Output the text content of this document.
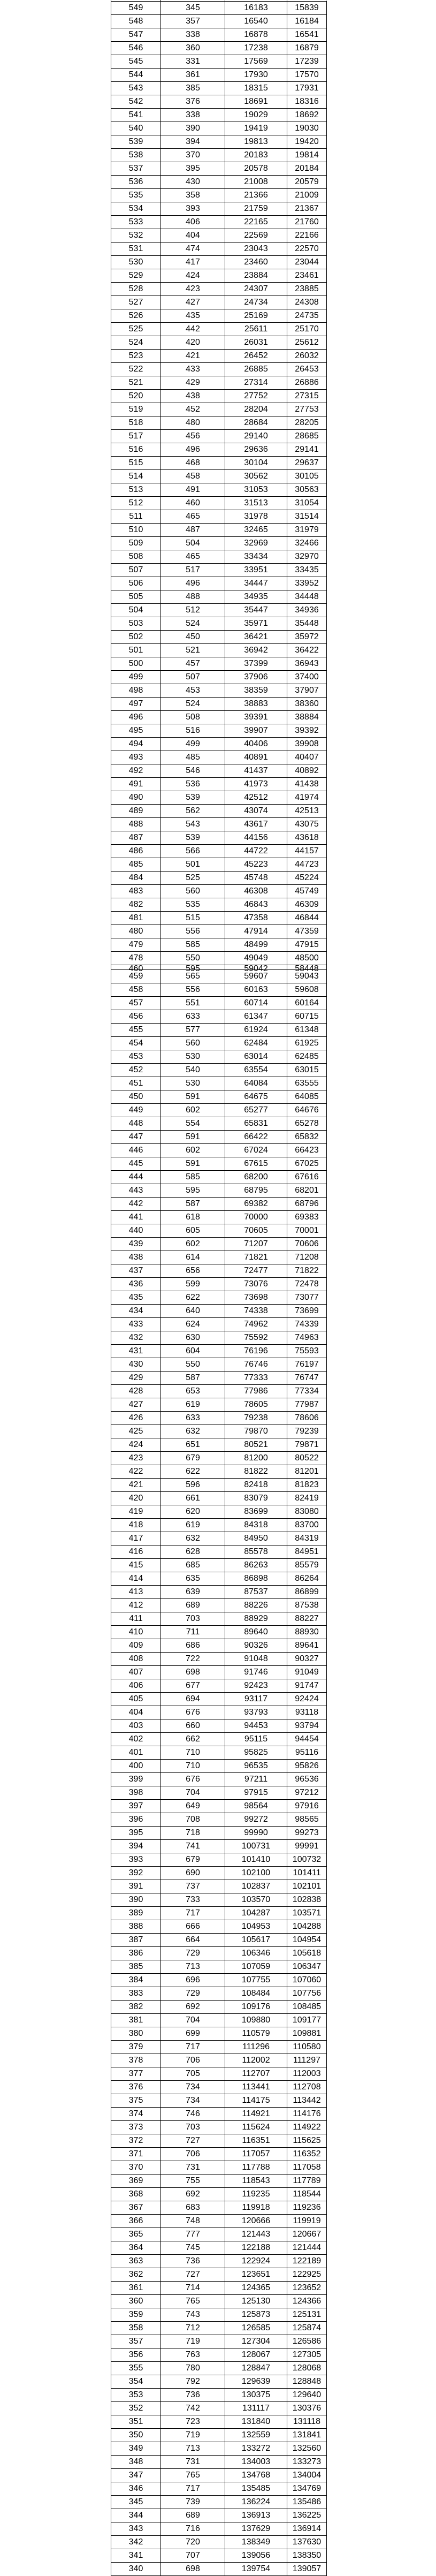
549	345	16183	15839
548	357	16540	16184
547	338	16878	16541
546	360	17238	16879
545	331	17569	17239
544	361	17930	17570
543	385	18315	17931
542	376	18691	18316
541	338	19029	18692
540	390	19419	19030
539	394	19813	19420
538	370	20183	19814
537	395	20578	20184
536	430	21008	20579
535	358	21366	21009
534	393	21759	21367
533	406	22165	21760
532	404	22569	22166
531	474	23043	22570
530	417	23460	23044
529	424	23884	23461
528	423	24307	23885
527	427	24734	24308
526	435	25169	24735
525	442	25611	25170
524	420	26031	25612
523	421	26452	26032
522	433	26885	26453
521	429	27314	26886
520	438	27752	27315
519	452	28204	27753
518	480	28684	28205
517	456	29140	28685
516	496	29636	29141
515	468	30104	29637
514	458	30562	30105
513	491	31053	30563
512	460	31513	31054
511	465	31978	31514
510	487	32465	31979
509	504	32969	32466
508	465	33434	32970
507	517	33951	33435
506	496	34447	33952
505	488	34935	34448
504	512	35447	34936
503	524	35971	35448
502	450	36421	35972
501	521	36942	36422
500	457	37399	36943
499	507	37906	37400
498	453	38359	37907
497	524	38883	38360
496	508	39391	38884
495	516	39907	39392
494	499	40406	39908
493	485	40891	40407
492	546	41437	40892
491	536	41973	41438
490	539	42512	41974
489	562	43074	42513
488	543	43617	43075
487	539	44156	43618
486	566	44722	44157
485	501	45223	44723
484	525	45748	45224
483	560	46308	45749
482	535	46843	46309
481	515	47358	46844
480	556	47914	47359
479	585	48499	47915
478	550	49049	48500

460	595	59042	58448

459	565	59607	59043
458	556	60163	59608
457	551	60714	60164
456	633	61347	60715
455	577	61924	61348
454	560	62484	61925
453	530	63014	62485
452	540	63554	63015
451	530	64084	63555
450	591	64675	64085
449	602	65277	64676
448	554	65831	65278
447	591	66422	65832
446	602	67024	66423
445	591	67615	67025
444	585	68200	67616
443	595	68795	68201
442	587	69382	68796
441	618	70000	69383
440	605	70605	70001
439	602	71207	70606
438	614	71821	71208
437	656	72477	71822
436	599	73076	72478
435	622	73698	73077
434	640	74338	73699
433	624	74962	74339
432	630	75592	74963
431	604	76196	75593
430	550	76746	76197
429	587	77333	76747
428	653	77986	77334
427	619	78605	77987
426	633	79238	78606
425	632	79870	79239
424	651	80521	79871
423	679	81200	80522
422	622	81822	81201
421	596	82418	81823
420	661	83079	82419
419	620	83699	83080
418	619	84318	83700
417	632	84950	84319
416	628	85578	84951
415	685	86263	85579
414	635	86898	86264
413	639	87537	86899
412	689	88226	87538
411	703	88929	88227
410	711	89640	88930
409	686	90326	89641
408	722	91048	90327
407	698	91746	91049
406	677	92423	91747
405	694	93117	92424
404	676	93793	93118
403	660	94453	93794
402	662	95115	94454
401	710	95825	95116
400	710	96535	95826
399	676	97211	96536
398	704	97915	97212
397	649	98564	97916
396	708	99272	98565
395	718	99990	99273
394	741	100731	99991
393	679	101410	100732
392	690	102100	101411
391	737	102837	102101
390	733	103570	102838
389	717	104287	103571
388	666	104953	104288
387	664	105617	104954
386	729	106346	105618
385	713	107059	106347
384	696	107755	107060
383	729	108484	107756
382	692	109176	108485
381	704	109880	109177
380	699	110579	109881
379	717	111296	110580
378	706	112002	111297
377	705	112707	112003
376	734	113441	112708
375	734	114175	113442
374	746	114921	114176
373	703	115624	114922
372	727	116351	115625
371	706	117057	116352
370	731	117788	117058
369	755	118543	117789
368	692	119235	118544
367	683	119918	119236
366	748	120666	119919
365	777	121443	120667
364	745	122188	121444
363	736	122924	122189
362	727	123651	122925
361	714	124365	123652
360	765	125130	124366
359	743	125873	125131
358	712	126585	125874
357	719	127304	126586
356	763	128067	127305
355	780	128847	128068
354	792	129639	128848
353	736	130375	129640
352	742	131117	130376
351	723	131840	131118
350	719	132559	131841
349	713	133272	132560
348	731	134003	133273
347	765	134768	134004
346	717	135485	134769
345	739	136224	135486
344	689	136913	136225
343	716	137629	136914
342	720	138349	137630
341	707	139056	138350
340	698	139754	139057
